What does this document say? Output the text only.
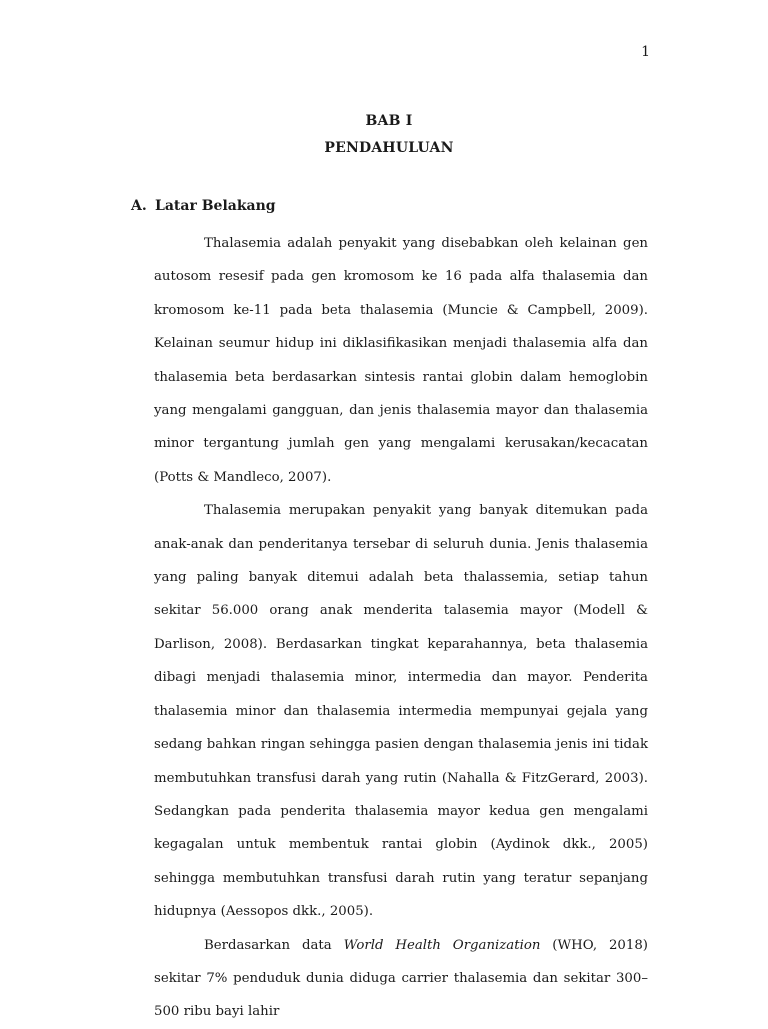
1
BAB I
PENDAHULUAN
A. Latar Belakang

Thalasemia adalah penyakit yang disebabkan oleh kelainan gen autosom resesif pada gen kromosom ke 16 pada alfa thalasemia dan kromosom ke-11 pada beta thalasemia (Muncie & Campbell, 2009). Kelainan seumur hidup ini diklasifikasikan menjadi thalasemia alfa dan thalasemia beta berdasarkan sintesis rantai globin dalam hemoglobin yang mengalami gangguan, dan jenis thalasemia mayor dan thalasemia minor tergantung jumlah gen yang mengalami kerusakan/kecacatan (Potts & Mandleco, 2007).

Thalasemia merupakan penyakit yang banyak ditemukan pada anak-anak dan penderitanya tersebar di seluruh dunia. Jenis thalasemia yang paling banyak ditemui adalah beta thalassemia, setiap tahun sekitar 56.000 orang anak menderita talasemia mayor (Modell & Darlison, 2008). Berdasarkan tingkat keparahannya, beta thalasemia dibagi menjadi thalasemia minor, intermedia dan mayor. Penderita thalasemia minor dan thalasemia intermedia mempunyai gejala yang sedang bahkan ringan sehingga pasien dengan thalasemia jenis ini tidak membutuhkan transfusi darah yang rutin (Nahalla & FitzGerard, 2003). Sedangkan pada penderita thalasemia mayor kedua gen mengalami kegagalan untuk membentuk rantai globin (Aydinok dkk., 2005) sehingga membutuhkan transfusi darah rutin yang teratur sepanjang hidupnya (Aessopos dkk., 2005).

Berdasarkan data World Health Organization (WHO, 2018) sekitar 7% penduduk dunia diduga carrier thalasemia dan sekitar 300–500 ribu bayi lahir
